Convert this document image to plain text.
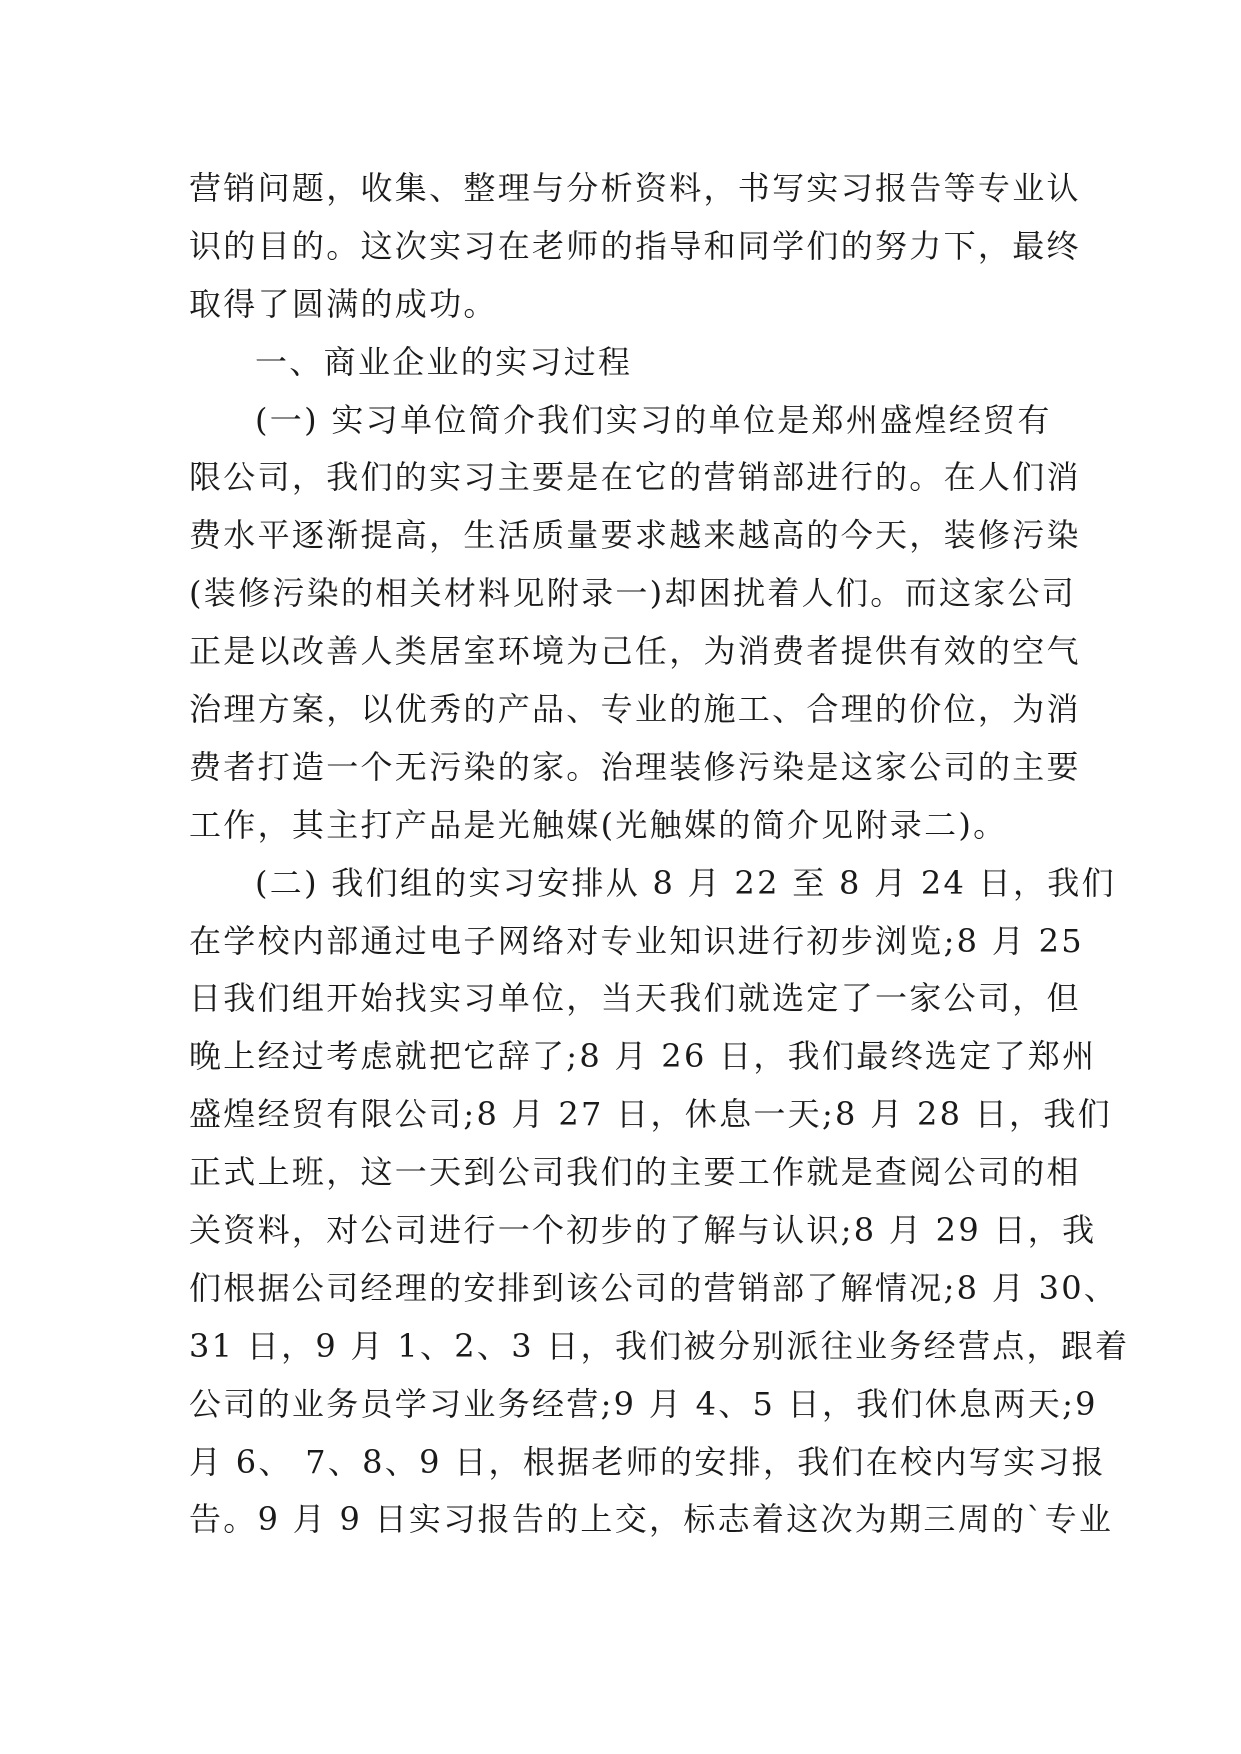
营销问题，收集、整理与分析资料，书写实习报告等专业认
识的目的。这次实习在老师的指导和同学们的努力下，最终
取得了圆满的成功。
一、商业企业的实习过程
(一) 实习单位简介我们实习的单位是郑州盛煌经贸有
限公司，我们的实习主要是在它的营销部进行的。在人们消
费水平逐渐提高，生活质量要求越来越高的今天，装修污染
(装修污染的相关材料见附录一)却困扰着人们。而这家公司
正是以改善人类居室环境为己任，为消费者提供有效的空气
治理方案，以优秀的产品、专业的施工、合理的价位，为消
费者打造一个无污染的家。治理装修污染是这家公司的主要
工作，其主打产品是光触媒(光触媒的简介见附录二)。
(二) 我们组的实习安排从 8 月 22 至 8 月 24 日，我们
在学校内部通过电子网络对专业知识进行初步浏览;8 月 25
日我们组开始找实习单位，当天我们就选定了一家公司，但
晚上经过考虑就把它辞了;8 月 26 日，我们最终选定了郑州
盛煌经贸有限公司;8 月 27 日，休息一天;8 月 28 日，我们
正式上班，这一天到公司我们的主要工作就是查阅公司的相
关资料，对公司进行一个初步的了解与认识;8 月 29 日，我
们根据公司经理的安排到该公司的营销部了解情况;8 月 30、
31 日，9 月 1、2、3 日，我们被分别派往业务经营点，跟着
公司的业务员学习业务经营;9 月 4、5 日，我们休息两天;9
月 6、 7、8、9 日，根据老师的安排，我们在校内写实习报
告。9 月 9 日实习报告的上交，标志着这次为期三周的`专业
